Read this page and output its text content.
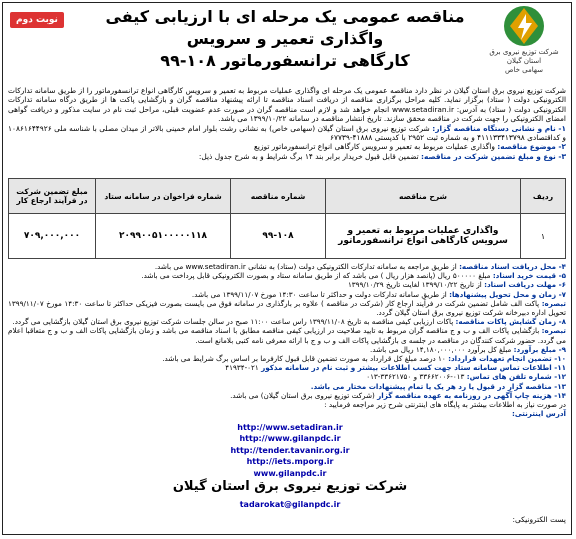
نوبت دوم	مناقصه عمومی یک مرحله ای با ارزیابی کیفی واگذاری تعمیر و سرویس
کارگاهی ترانسفورماتور ۱۰۸-۹۹	شرکت توزیع نیروی برق
استان گیلان
سهامی خاص

شرکت توزیع نیروی برق استان گیلان در نظر دارد مناقصه عمومی یک مرحله ای واگذاری عملیات مربوط به تعمیر و سرویس کارگاهی انواع ترانسفورماتور را از طریق سامانه تدارکات الکترونیکی دولت ( ستاد) برگزار نماید. کلیه مراحل برگزاری مناقصه از دریافت اسناد مناقصه تا ارائه پیشنهاد مناقصه گران و بازگشایی پاکت ها از طریق درگاه سامانه تدارکات الکترونیکی دولت ( ستاد) به آدرس: www.setadiran.ir انجام خواهد شد و لازم است مناقصه گران در صورت عدم عضویت قبلی، مراحل ثبت نام در سایت مذکور و دریافت گواهی امضای الکترونیکی را جهت شرکت در مناقصه محقق سازند. تاریخ انتشار مناقصه در سامانه ۱۳۹۹/۱۰/۲۲ می باشد.

۱- نام و نشانی دستگاه مناقصه گزار: شرکت توزیع نیروی برق استان گیلان (سهامی خاص) به نشانی رشت بلوار امام خمینی بالاتر از میدان مصلی با شناسه ملی ۱۰۸۶۱۶۴۴۹۲۶ و کداقتصادی ۴۱۱۱۳۳۴۱۳۷۹۸ و به شماره ثبت ۲۹۵۲ با کدپستی ۴۱۸۸۸-۶۷۷۳۹

۲- موضوع مناقصه: واگذاری عملیات مربوط به تعمیر و سرویس کارگاهی انواع ترانسفورماتور توزیع

۳- نوع و مبلغ تضمین شرکت در مناقصه: تضمین قابل قبول خریدار برابر بند ۱۴ برگ شرایط و به شرح جدول ذیل:

ردیف	شرح مناقصه	شماره مناقصه	شماره فراخوان در سامانه ستاد	مبلغ تضمین شرکت در فرآیند ارجاع کار
۱	واگذاری عملیات مربوط به تعمیر و سرویس کارگاهی انواع ترانسفورماتور	۹۹-۱۰۸	۲۰۹۹۰۰۵۱۰۰۰۰۰۱۱۸	۷۰۹,۰۰۰,۰۰۰

۴- محل دریافت اسناد مناقصه: از طریق مراجعه به سامانه تدارکات الکترونیکی دولت (ستاد) به نشانی www.setadiran.ir می باشد.

۵- قیمت خرید اسناد: مبلغ ۵۰۰۰۰۰ ریال (پانصد هزار ریال ) می باشد که از طریق سامانه ستاد و بصورت الکترونیکی قابل پرداخت می باشد.

۶- مهلت دریافت اسناد: از تاریخ ۱۳۹۹/۱۰/۲۲ لغایت تاریخ ۱۳۹۹/۱۰/۲۹

۷- زمان و محل تحویل پیشنهادها: از طریق سامانه تدارکات دولت و حداکثر تا ساعت ۱۴:۳۰ مورخ ۱۳۹۹/۱۱/۰۷ می باشد.

تبصره: پاکت الف شامل تضمین شرکت در فرآیند ارجاع کار (شرکت در مناقصه ) علاوه بر بارگذاری در سامانه فوق می بایست بصورت فیزیکی حداکثر تا ساعت ۱۴:۳۰ مورخ ۱۳۹۹/۱۱/۰۷ تحویل اداره دبیرخانه شرکت توزیع نیروی برق استان گیلان گردد.

۸- زمان گشایش پاکات مناقصه: پاکات ارزیابی کیفی مناقصه به تاریخ ۱۳۹۹/۱۱/۰۸ راس ساعت ۱۱:۰۰ صبح در سالن جلسات شرکت توزیع نیروی برق استان گیلان بازگشایی می گردد.

تبصره: بازگشایی پاکات الف و ب و ج مناقصه گران مربوط به تایید صلاحیت در ارزیابی کیفی مناقصه مطابق با اسناد مناقصه می باشد و زمان بازگشایی پاکات الف و ب و ج متعاقبا اعلام می گردد. حضور شرکت کنندگان در مناقصه در جلسه ی بازگشایی پاکات الف و ب و ج با ارائه معرفی نامه کتبی بلامانع است.

۹- مبلغ برآورد: مبلغ کل برآورد ۱۴,۱۸۰,۰۰۰,۰۰۰ ریال می باشد.

۱۰- تضمین انجام تعهدات قرارداد: ۱۰ درصد مبلغ کل قرارداد به صورت تضمین قابل قبول کارفرما بر اساس برگ شرایط می باشد.

۱۱- اطلاعات تماس سامانه ستاد جهت کسب اطلاعات بیشتر و ثبت نام در سامانه مذکور ۰۲۱-۴۱۹۳۴

۱۲- شماره تلفن های تماس: ۰۱۳-۳۳۶۶۲۰۰۶ و ۳۳۶۲۱۷۵۰-۰۱۳

۱۳- مناقصه گزار در قبول یا رد هر یک یا تمام پیشنهادات مختار می باشد.

۱۴- هزینه چاپ آگهی در روزنامه به عهده مناقصه گزار (شرکت توزیع نیروی برق استان گیلان) می باشد.

در صورت نیاز به اطلاعات بیشتر به پایگاه های اینترنتی شرح زیر مراجعه فرمایید :

آدرس اینترنتی:

http://www.setadiran.ir
http://www.gilanpdc.ir
http://tender.tavanir.org.ir
http://iets.mporg.ir
www.gilanpdc.ir
شرکت توزیع نیروی برق استان گیلان
tadarokat@gilanpdc.ir
پست الکترونیکی:
